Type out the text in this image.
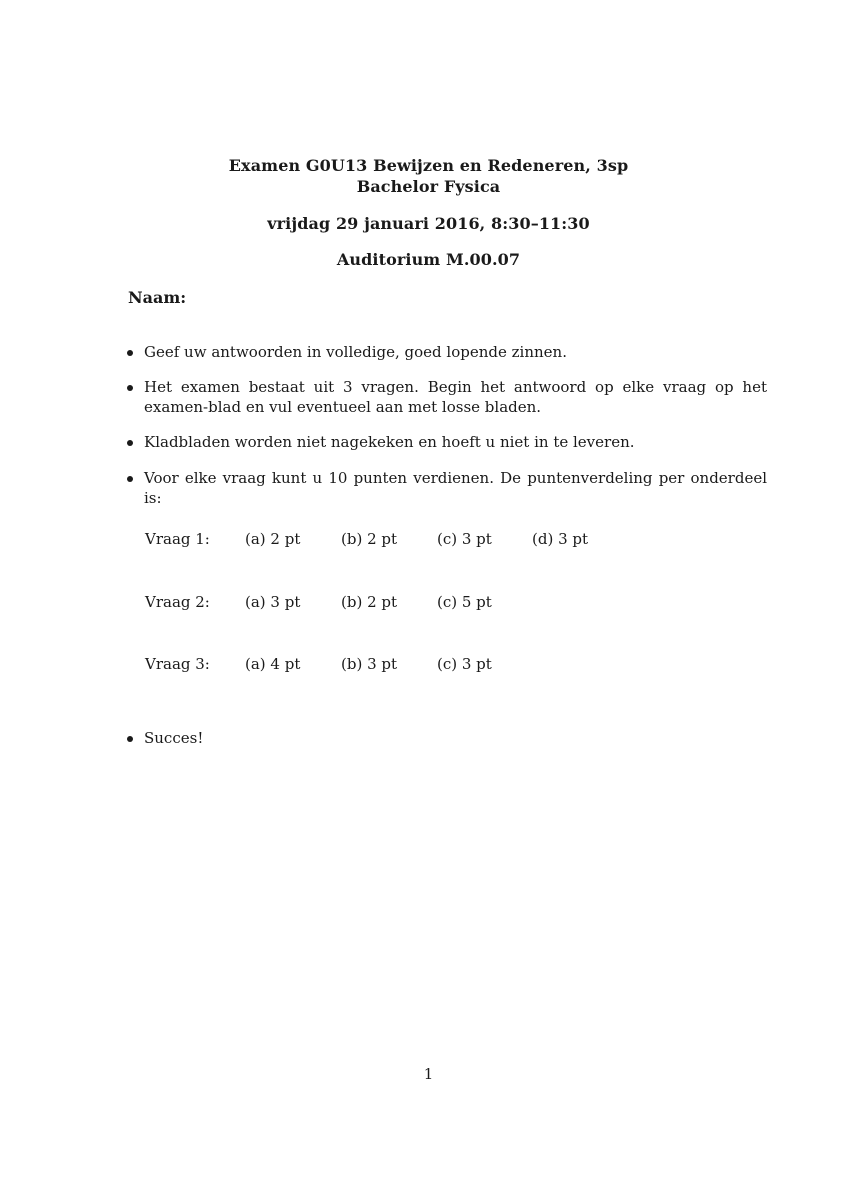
Examen G0U13 Bewijzen en Redeneren, 3sp
Bachelor Fysica
vrijdag 29 januari 2016, 8:30–11:30
Auditorium M.00.07
Naam:
Geef uw antwoorden in volledige, goed lopende zinnen.
Het examen bestaat uit 3 vragen. Begin het antwoord op elke vraag op het examen-blad en vul eventueel aan met losse bladen.
Kladbladen worden niet nagekeken en hoeft u niet in te leveren.
Voor elke vraag kunt u 10 punten verdienen. De puntenverdeling per onderdeel is:
Succes!
Vraag 1: (a) 2 pt	(b) 2 pt	(c) 3 pt	(d) 3 pt
Vraag 2: (a) 3 pt	(b) 2 pt	(c) 5 pt
Vraag 3: (a) 4 pt	(b) 3 pt	(c) 3 pt
1
